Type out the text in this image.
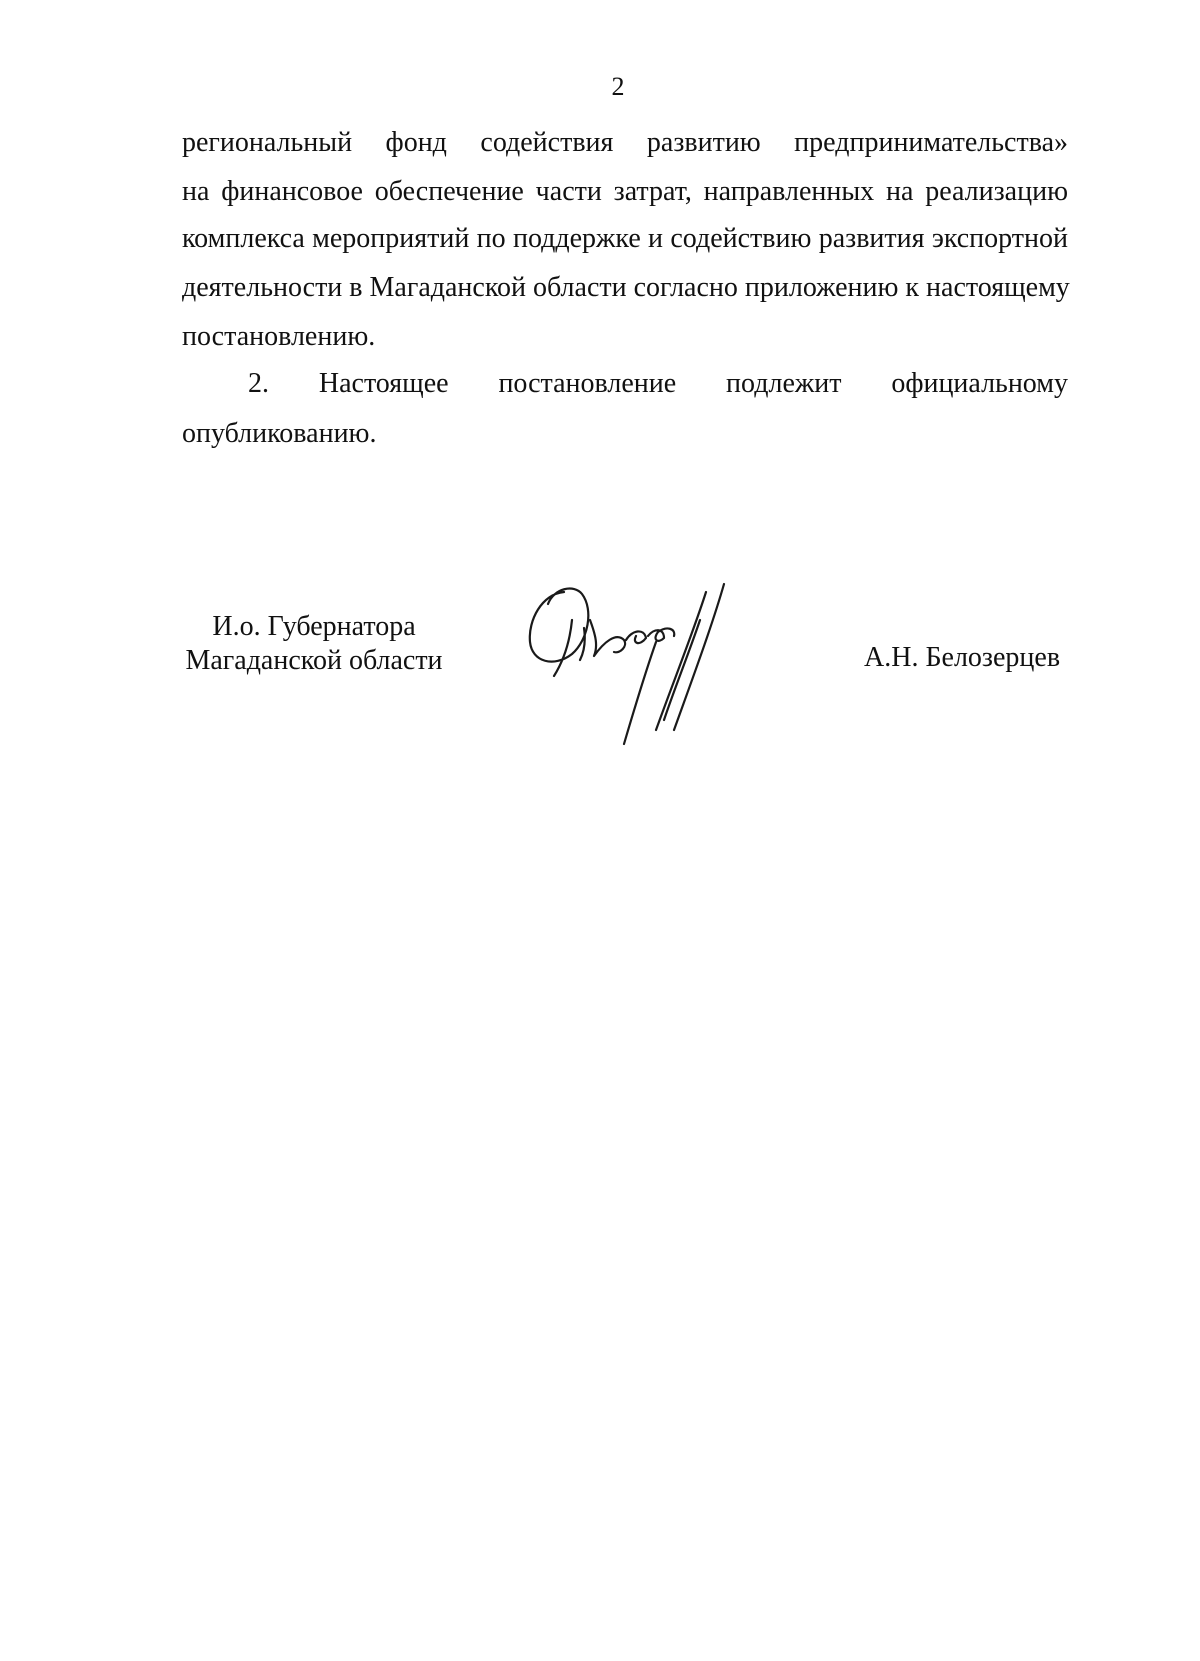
2
региональный фонд содействия развитию предпринимательства»
на финансовое обеспечение части затрат, направленных на реализацию
комплекса мероприятий по поддержке и содействию развития экспортной
деятельности в Магаданской области согласно приложению к настоящему
постановлению.
2. Настоящее постановление подлежит официальному
опубликованию.
И.о. Губернатора
Магаданской области	А.Н. Белозерцев
